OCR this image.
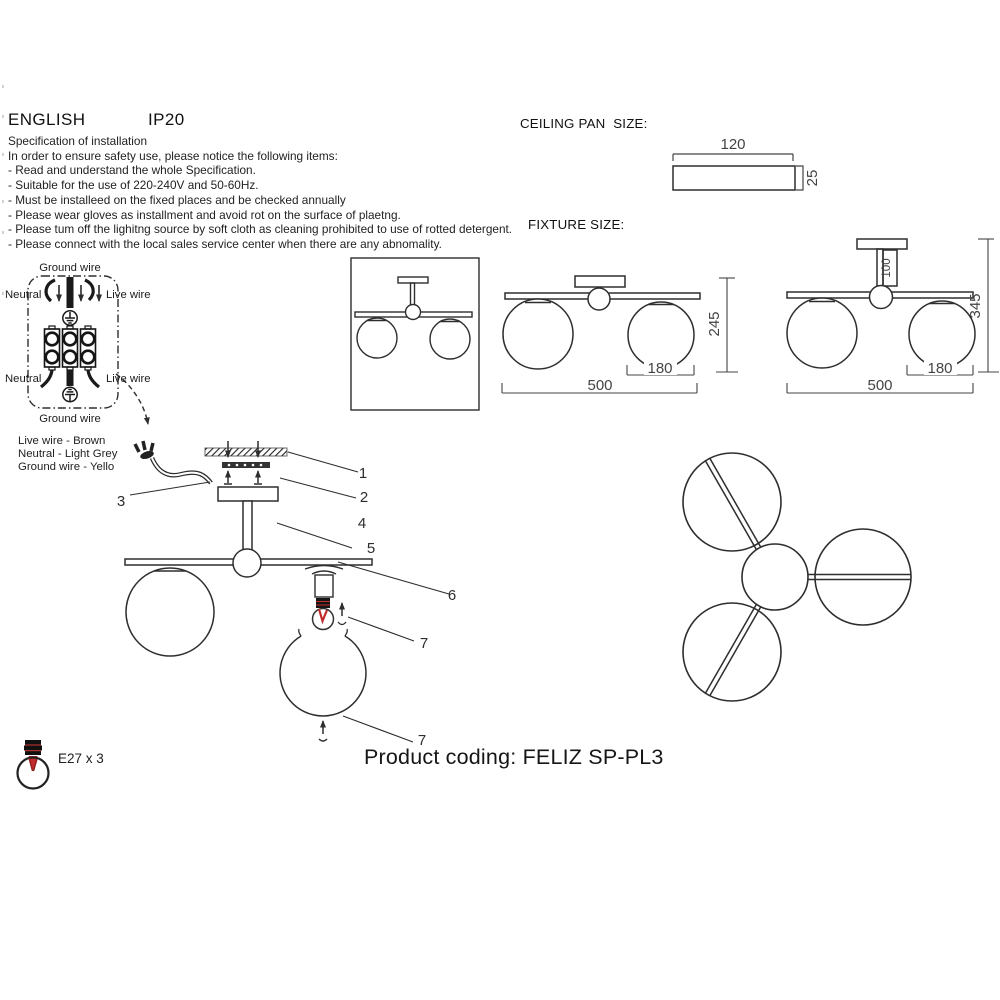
ENGLISH	IP20
Specification of installation
In order to ensure safety use, please notice the following items:
- Read and understand the whole Specification.
- Suitable for the use of 220-240V and 50-60Hz.
- Must be installeed on the fixed places and be checked annually
- Please wear gloves as installment and avoid rot on the surface of plaetng.
- Please tum off the lighitng source by soft cloth as cleaning prohibited to use of rotted detergent.
- Please connect with the local sales service center when there are any abnomality.
CEILING PAN  SIZE:
FIXTURE SIZE:
120
25
245
500
180
100
345
500
180
Ground wire
Neutral	Live wire
Neutral	Live wire
Ground wire
Live wire - Brown
Neutral - Light Grey
Ground wire - Yello	1
2
3
4
5
6
7
7
E27 x 3	Product coding: FELIZ SP-PL3
